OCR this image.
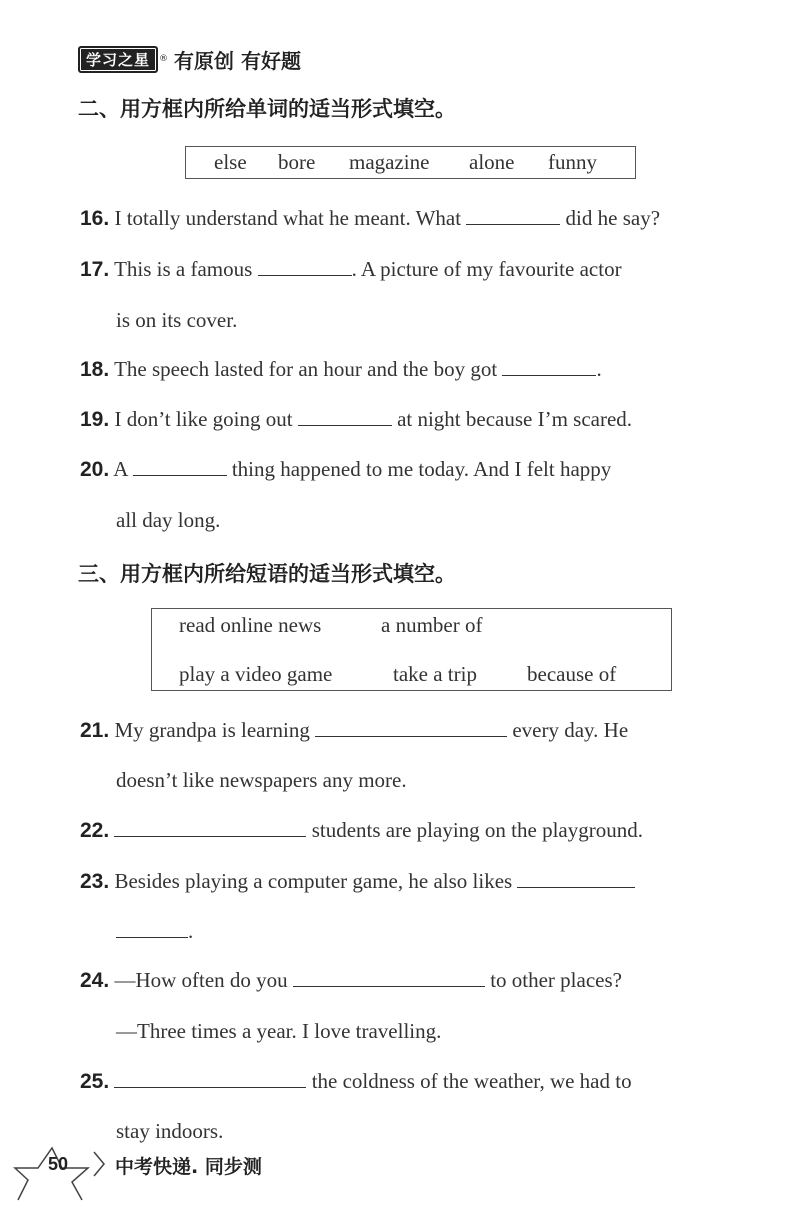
学习之星	® 有原创 有好题
二、用方框内所给单词的适当形式填空。
else bore magazine alone funny
16. I totally understand what he meant. What	did he say?
17. This is a famous	. A picture of my favourite actor
is on its cover.
18. The speech lasted for an hour and the boy got	.
19. I don’t like going out	at night because I’m scared.
20. A	thing happened to me today. And I felt happy
all day long.
三、用方框内所给短语的适当形式填空。
read online news	a number of
play a video game	take a trip because of
21. My grandpa is learning	every day. He
doesn’t like newspapers any more.
22.	students are playing on the playground.
23. Besides playing a computer game, he also likes
.
24. —How often do you	to other places?
—Three times a year. I love travelling.
25.	the coldness of the weather, we had to
stay indoors.
50 中考快递. 同步测
